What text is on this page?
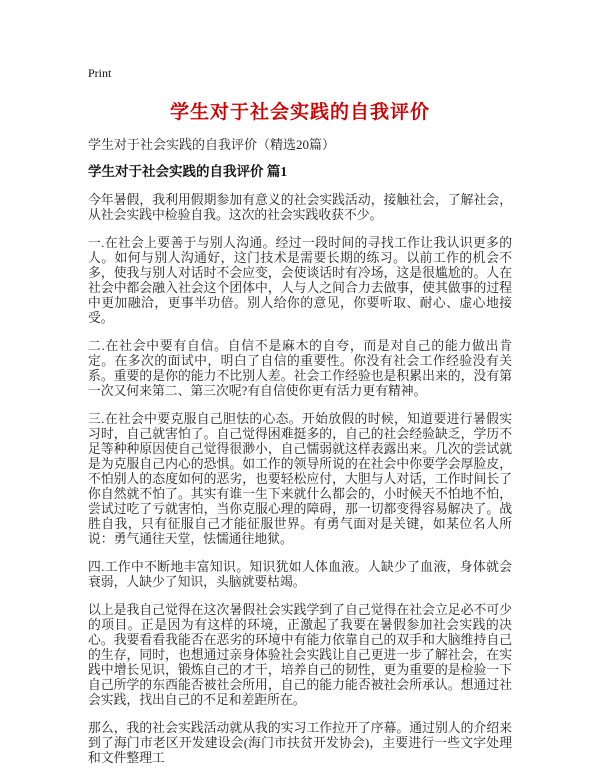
Print
学生对于社会实践的自我评价

学生对于社会实践的自我评价（精选20篇）

学生对于社会实践的自我评价 篇1

今年暑假，我利用假期参加有意义的社会实践活动，接触社会，了解社会，从社会实践中检验自我。这次的社会实践收获不少。

一.在社会上要善于与别人沟通。经过一段时间的寻找工作让我认识更多的人。如何与别人沟通好，这门技术是需要长期的练习。以前工作的机会不多，使我与别人对话时不会应变，会使谈话时有冷场，这是很尴尬的。人在社会中都会融入社会这个团体中，人与人之间合力去做事，使其做事的过程中更加融洽，更事半功倍。别人给你的意见，你要听取、耐心、虚心地接受。

二.在社会中要有自信。自信不是麻木的自夸，而是对自己的能力做出肯定。在多次的面试中，明白了自信的重要性。你没有社会工作经验没有关系。重要的是你的能力不比别人差。社会工作经验也是积累出来的，没有第一次又何来第二、第三次呢?有自信使你更有活力更有精神。

三.在社会中要克服自己胆怯的心态。开始放假的时候，知道要进行暑假实习时，自己就害怕了。自己觉得困难挺多的，自己的社会经验缺乏，学历不足等种种原因使自己觉得很渺小，自己懦弱就这样表露出来。几次的尝试就是为克服自己内心的恐惧。如工作的领导所说的在社会中你要学会厚脸皮，不怕别人的态度如何的恶劣，也要轻松应付，大胆与人对话，工作时间长了你自然就不怕了。其实有谁一生下来就什么都会的，小时候天不怕地不怕，尝试过吃了亏就害怕，当你克服心理的障碍，那一切都变得容易解决了。战胜自我，只有征服自己才能征服世界。有勇气面对是关键，如某位名人所说：勇气通往天堂，怯懦通往地狱。

四.工作中不断地丰富知识。知识犹如人体血液。人缺少了血液，身体就会衰弱，人缺少了知识，头脑就要枯竭。

以上是我自己觉得在这次暑假社会实践学到了自己觉得在社会立足必不可少的项目。正是因为有这样的环境，正激起了我要在暑假参加社会实践的决心。我要看看我能否在恶劣的环境中有能力依靠自己的双手和大脑维持自己的生存，同时，也想通过亲身体验社会实践让自己更进一步了解社会，在实践中增长见识，锻炼自己的才干，培养自己的韧性，更为重要的是检验一下自己所学的东西能否被社会所用，自己的能力能否被社会所承认。想通过社会实践，找出自己的不足和差距所在。

那么，我的社会实践活动就从我的实习工作拉开了序幕。通过别人的介绍来到了海门市老区开发建设会(海门市扶贫开发协会)，主要进行一些文字处理和文件整理工
